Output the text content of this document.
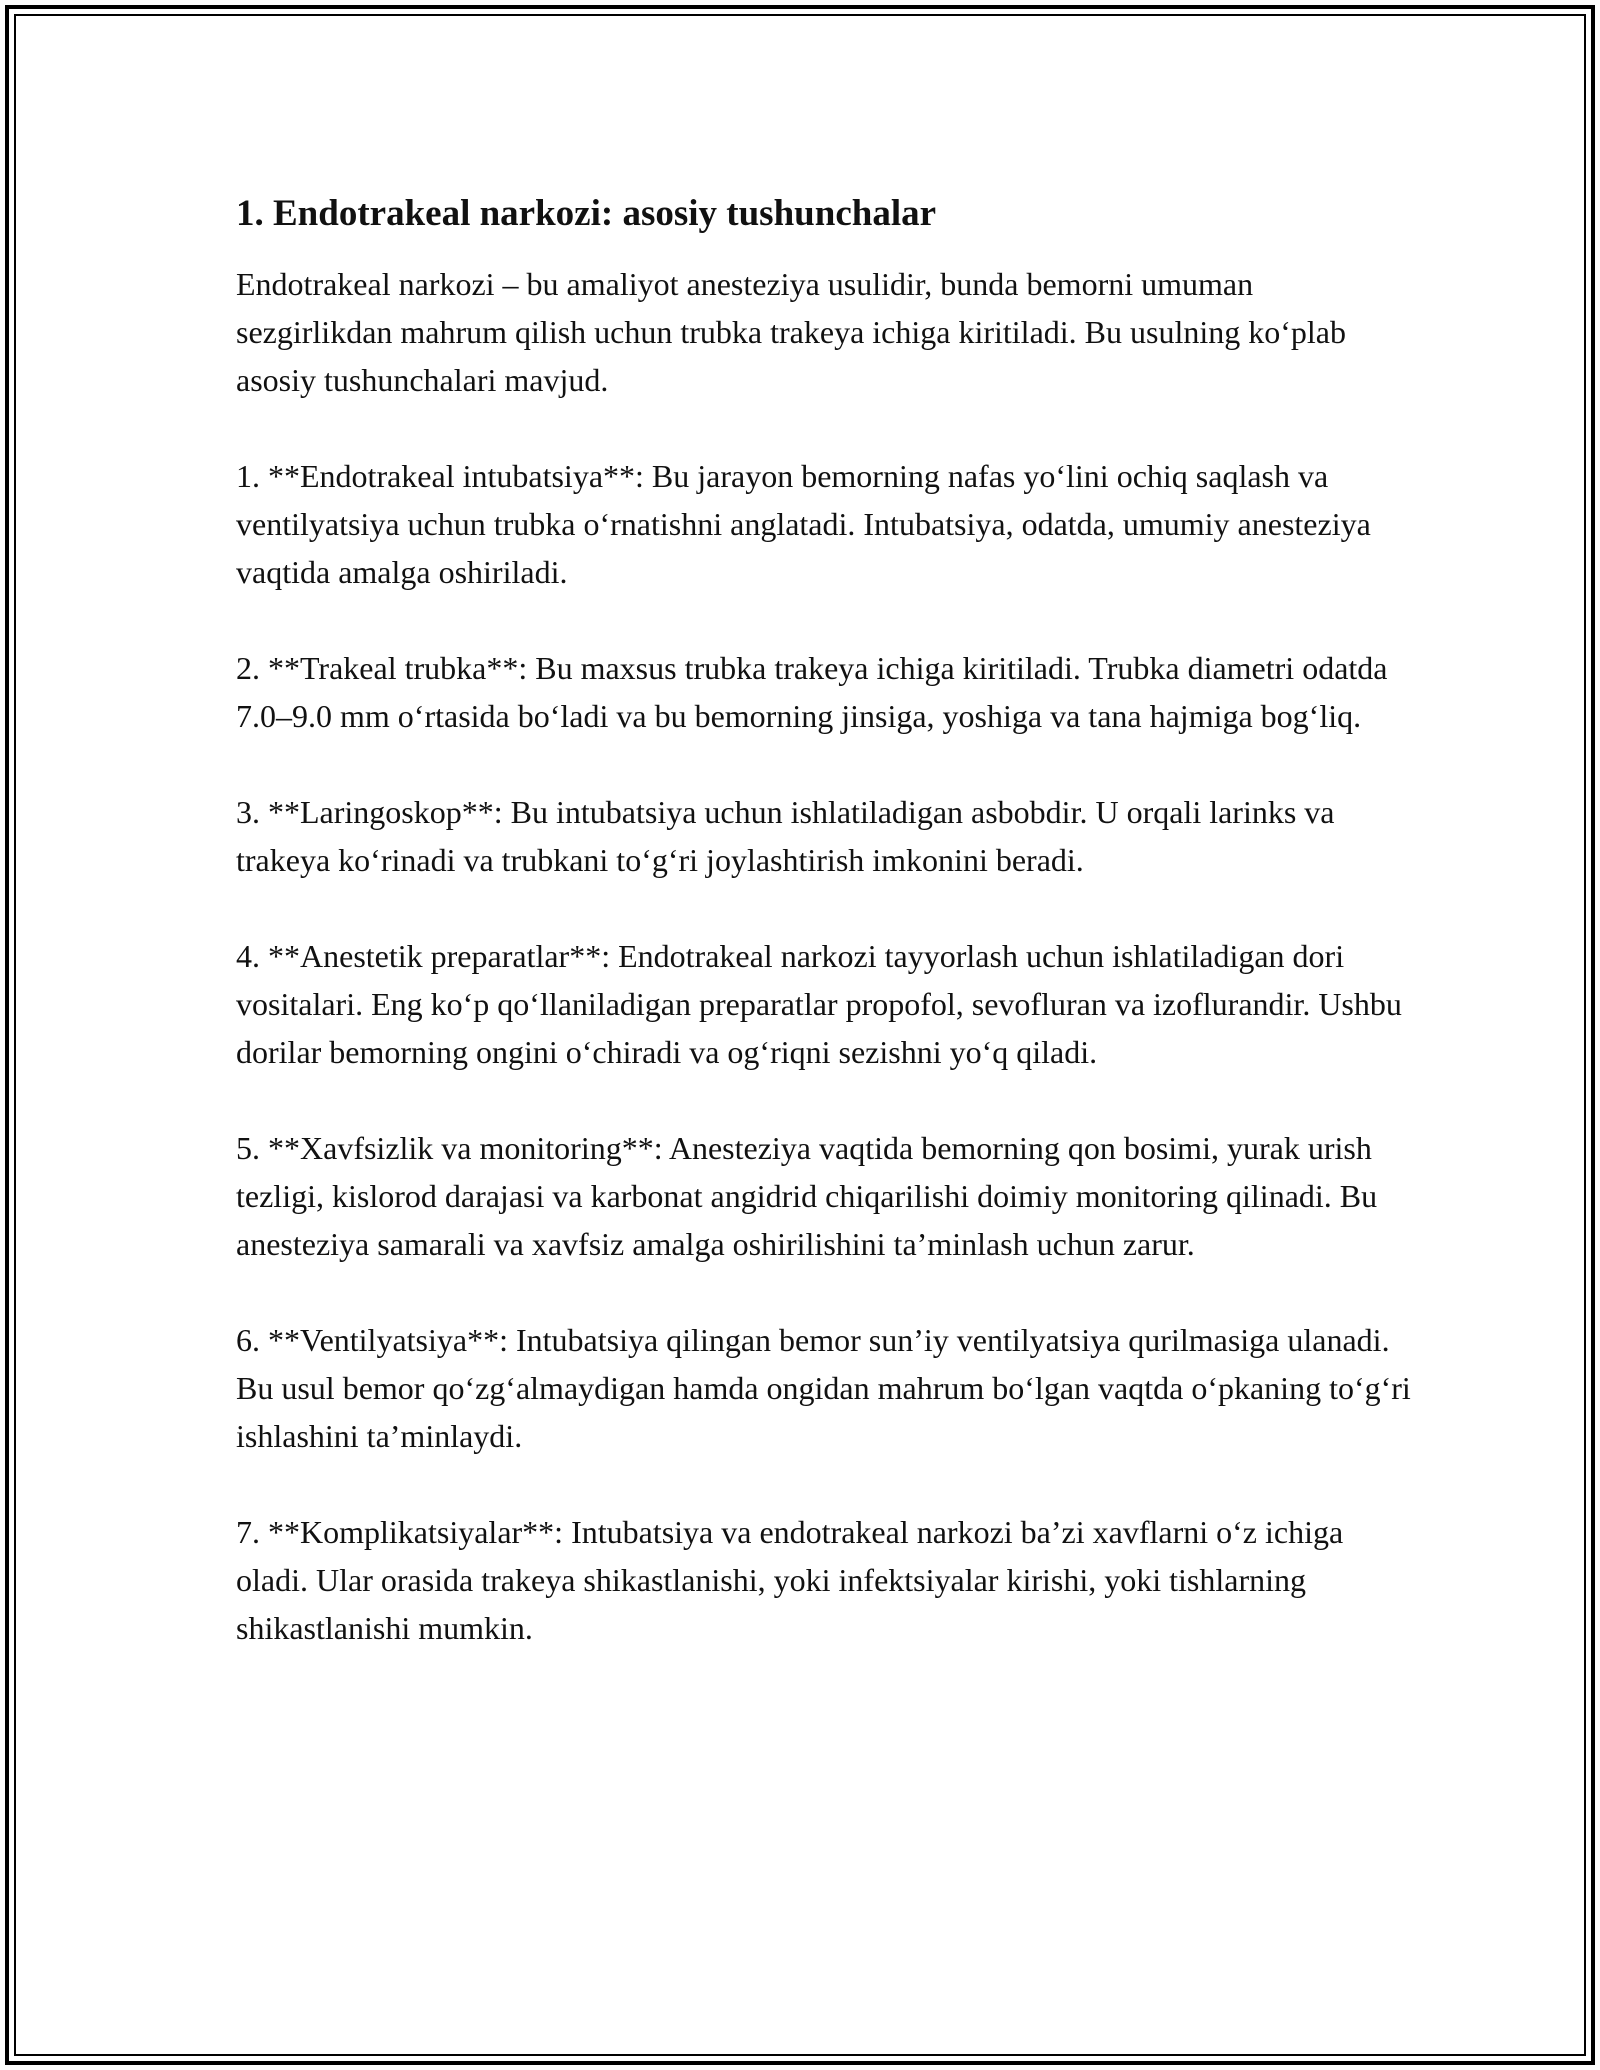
1. Endotrakeal narkozi: asosiy tushunchalar

Endotrakeal narkozi – bu amaliyot anesteziya usulidir, bunda bemorni umuman sezgirlikdan mahrum qilish uchun trubka trakeya ichiga kiritiladi. Bu usulning ko‘plab asosiy tushunchalari mavjud.

1. **Endotrakeal intubatsiya**: Bu jarayon bemorning nafas yo‘lini ochiq saqlash va ventilyatsiya uchun trubka o‘rnatishni anglatadi. Intubatsiya, odatda, umumiy anesteziya vaqtida amalga oshiriladi.

2. **Trakeal trubka**: Bu maxsus trubka trakeya ichiga kiritiladi. Trubka diametri odatda 7.0–9.0 mm o‘rtasida bo‘ladi va bu bemorning jinsiga, yoshiga va tana hajmiga bog‘liq.

3. **Laringoskop**: Bu intubatsiya uchun ishlatiladigan asbobdir. U orqali larinks va trakeya ko‘rinadi va trubkani to‘g‘ri joylashtirish imkonini beradi.

4. **Anestetik preparatlar**: Endotrakeal narkozi tayyorlash uchun ishlatiladigan dori vositalari. Eng ko‘p qo‘llaniladigan preparatlar propofol, sevofluran va izoflurandir. Ushbu dorilar bemorning ongini o‘chiradi va og‘riqni sezishni yo‘q qiladi.

5. **Xavfsizlik va monitoring**: Anesteziya vaqtida bemorning qon bosimi, yurak urish tezligi, kislorod darajasi va karbonat angidrid chiqarilishi doimiy monitoring qilinadi. Bu anesteziya samarali va xavfsiz amalga oshirilishini ta’minlash uchun zarur.

6. **Ventilyatsiya**: Intubatsiya qilingan bemor sun’iy ventilyatsiya qurilmasiga ulanadi. Bu usul bemor qo‘zg‘almaydigan hamda ongidan mahrum bo‘lgan vaqtda o‘pkaning to‘g‘ri ishlashini ta’minlaydi.

7. **Komplikatsiyalar**: Intubatsiya va endotrakeal narkozi ba’zi xavflarni o‘z ichiga oladi. Ular orasida trakeya shikastlanishi, yoki infektsiyalar kirishi, yoki tishlarning shikastlanishi mumkin.
